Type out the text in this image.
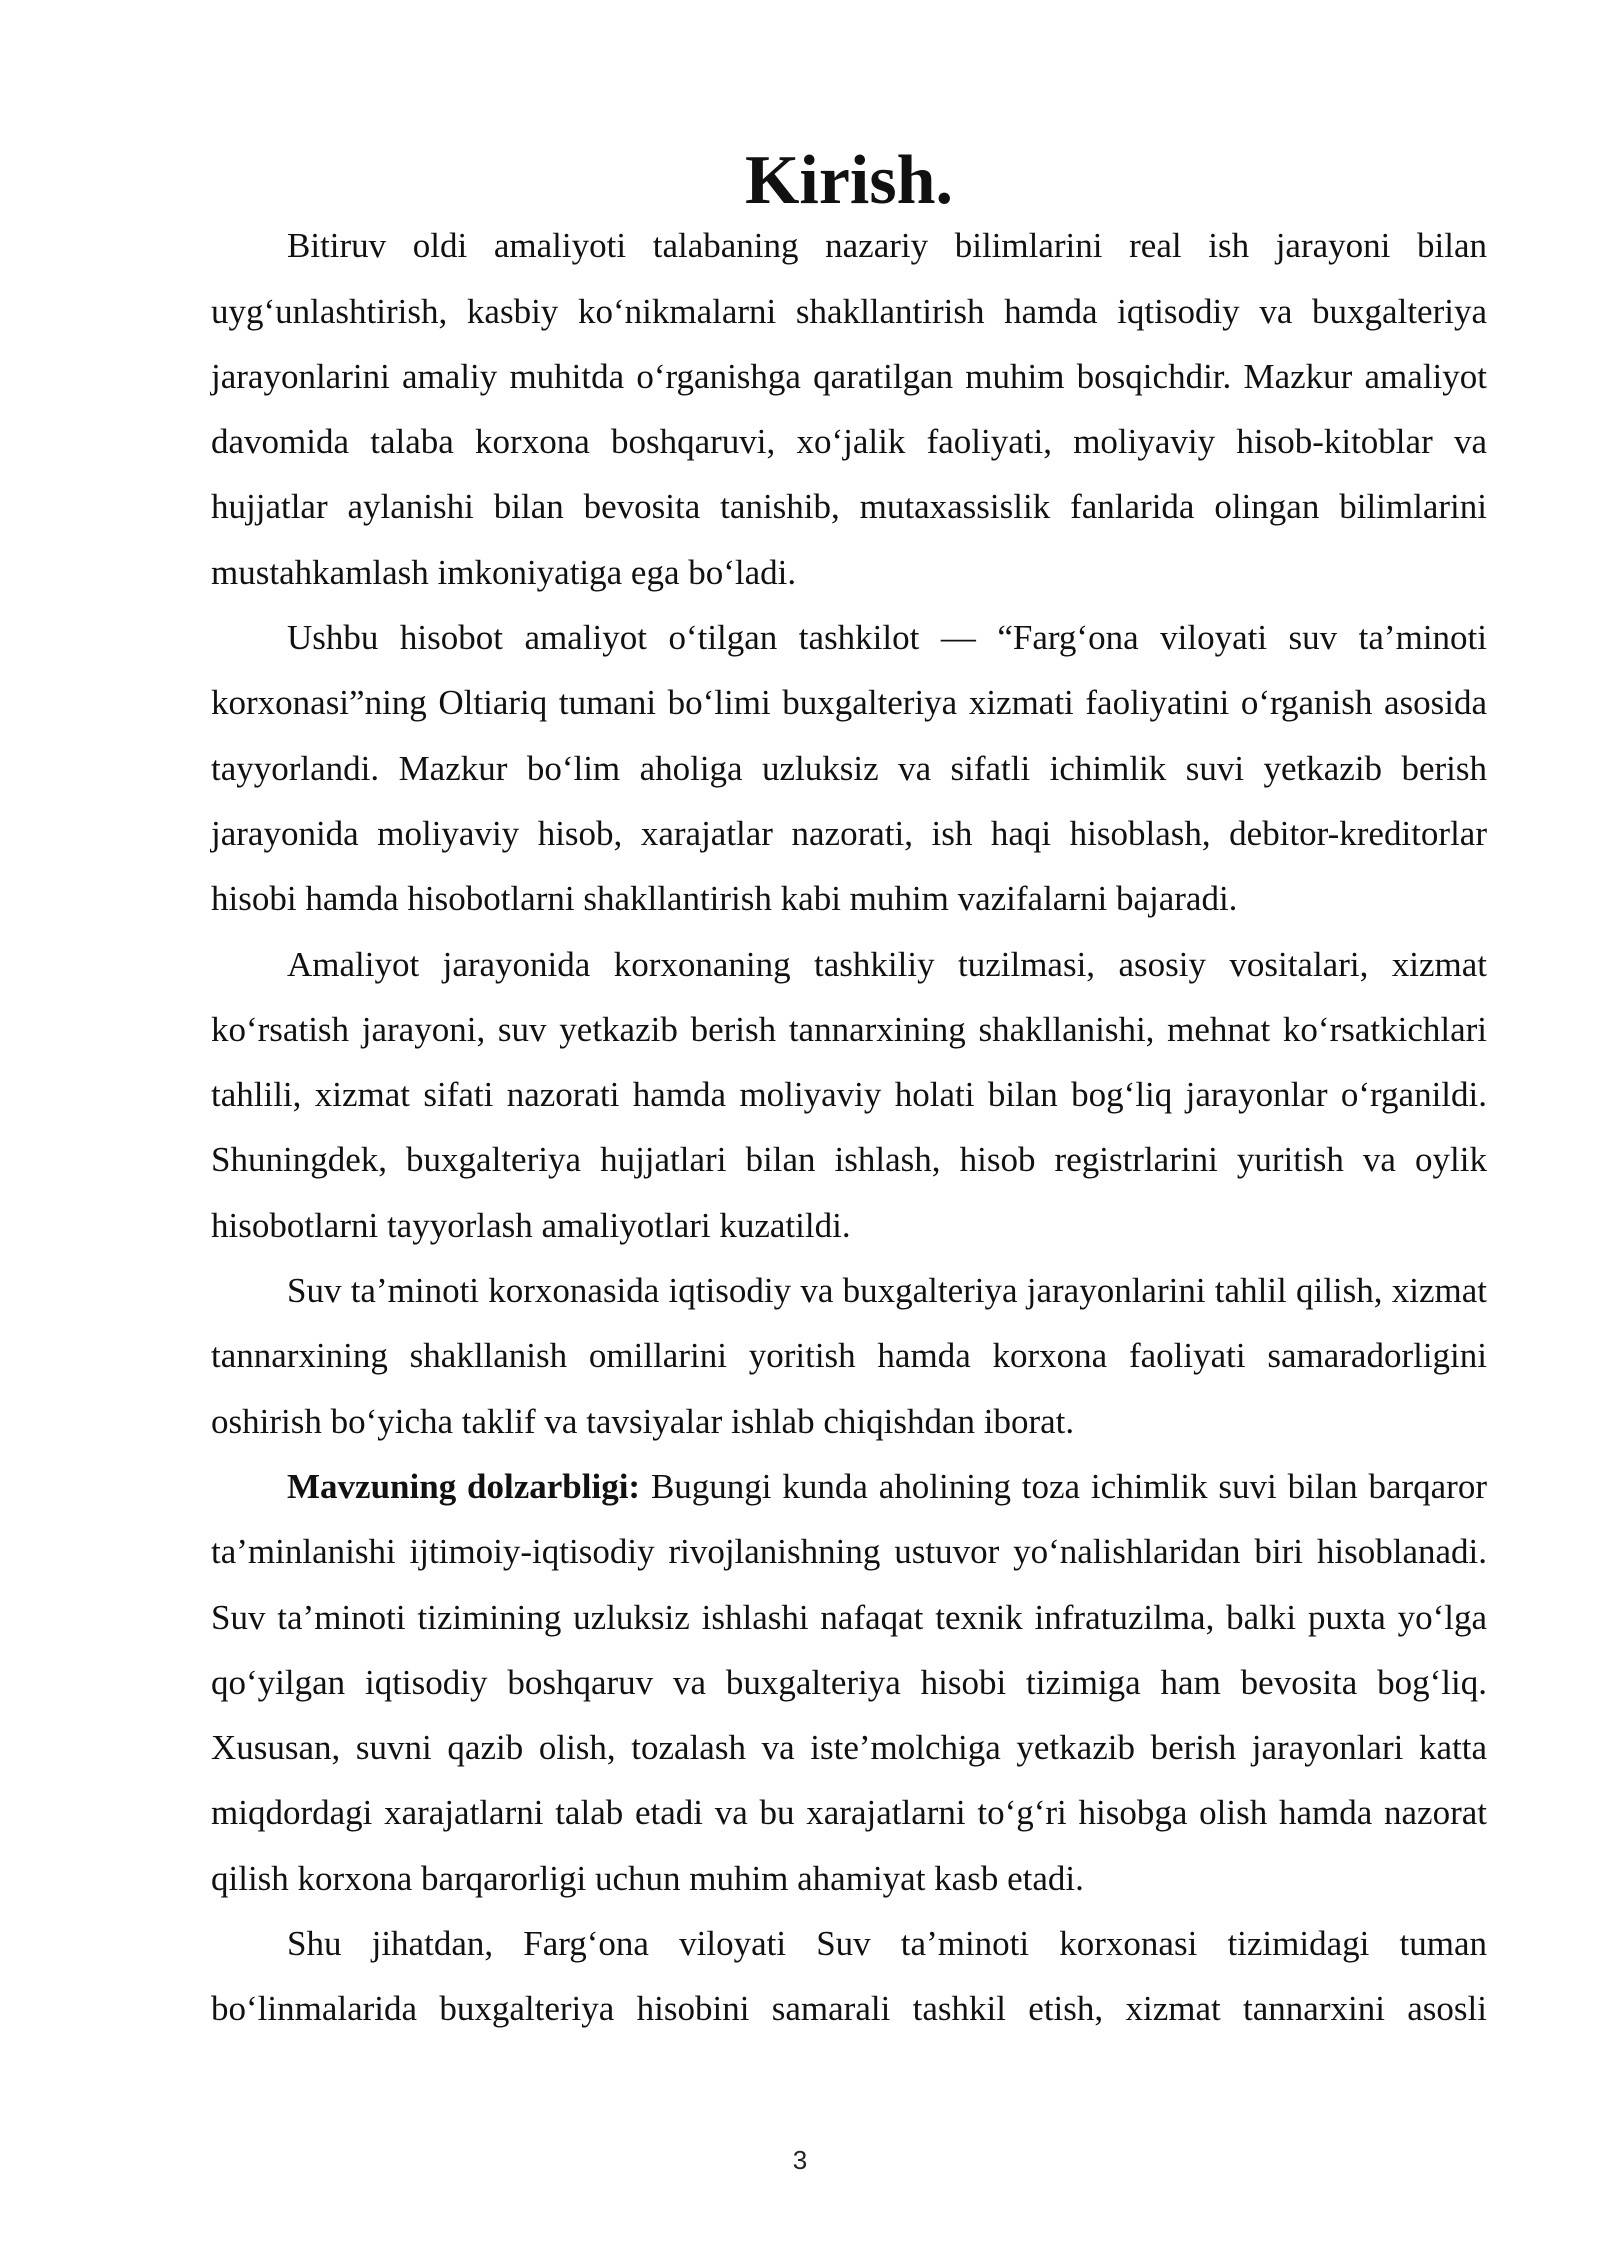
Kirish.

Bitiruv oldi amaliyoti talabaning nazariy bilimlarini real ish jarayoni bilan uyg‘unlashtirish, kasbiy ko‘nikmalarni shakllantirish hamda iqtisodiy va buxgalteriya jarayonlarini amaliy muhitda o‘rganishga qaratilgan muhim bosqichdir. Mazkur amaliyot davomida talaba korxona boshqaruvi, xo‘jalik faoliyati, moliyaviy hisob-kitoblar va hujjatlar aylanishi bilan bevosita tanishib, mutaxassislik fanlarida olingan bilimlarini mustahkamlash imkoniyatiga ega bo‘ladi.

Ushbu hisobot amaliyot o‘tilgan tashkilot — “Farg‘ona viloyati suv ta’minoti korxonasi”ning Oltiariq tumani bo‘limi buxgalteriya xizmati faoliyatini o‘rganish asosida tayyorlandi. Mazkur bo‘lim aholiga uzluksiz va sifatli ichimlik suvi yetkazib berish jarayonida moliyaviy hisob, xarajatlar nazorati, ish haqi hisoblash, debitor-kreditorlar hisobi hamda hisobotlarni shakllantirish kabi muhim vazifalarni bajaradi.

Amaliyot jarayonida korxonaning tashkiliy tuzilmasi, asosiy vositalari, xizmat ko‘rsatish jarayoni, suv yetkazib berish tannarxining shakllanishi, mehnat ko‘rsatkichlari tahlili, xizmat sifati nazorati hamda moliyaviy holati bilan bog‘liq jarayonlar o‘rganildi. Shuningdek, buxgalteriya hujjatlari bilan ishlash, hisob registrlarini yuritish va oylik hisobotlarni tayyorlash amaliyotlari kuzatildi.

Suv ta’minoti korxonasida iqtisodiy va buxgalteriya jarayonlarini tahlil qilish, xizmat tannarxining shakllanish omillarini yoritish hamda korxona faoliyati samaradorligini oshirish bo‘yicha taklif va tavsiyalar ishlab chiqishdan iborat.

Mavzuning dolzarbligi: Bugungi kunda aholining toza ichimlik suvi bilan barqaror ta’minlanishi ijtimoiy-iqtisodiy rivojlanishning ustuvor yo‘nalishlaridan biri hisoblanadi. Suv ta’minoti tizimining uzluksiz ishlashi nafaqat texnik infratuzilma, balki puxta yo‘lga qo‘yilgan iqtisodiy boshqaruv va buxgalteriya hisobi tizimiga ham bevosita bog‘liq. Xususan, suvni qazib olish, tozalash va iste’molchiga yetkazib berish jarayonlari katta miqdordagi xarajatlarni talab etadi va bu xarajatlarni to‘g‘ri hisobga olish hamda nazorat qilish korxona barqarorligi uchun muhim ahamiyat kasb etadi.

Shu jihatdan, Farg‘ona viloyati Suv ta’minoti korxonasi tizimidagi tuman bo‘linmalarida buxgalteriya hisobini samarali tashkil etish, xizmat tannarxini asosli

3
